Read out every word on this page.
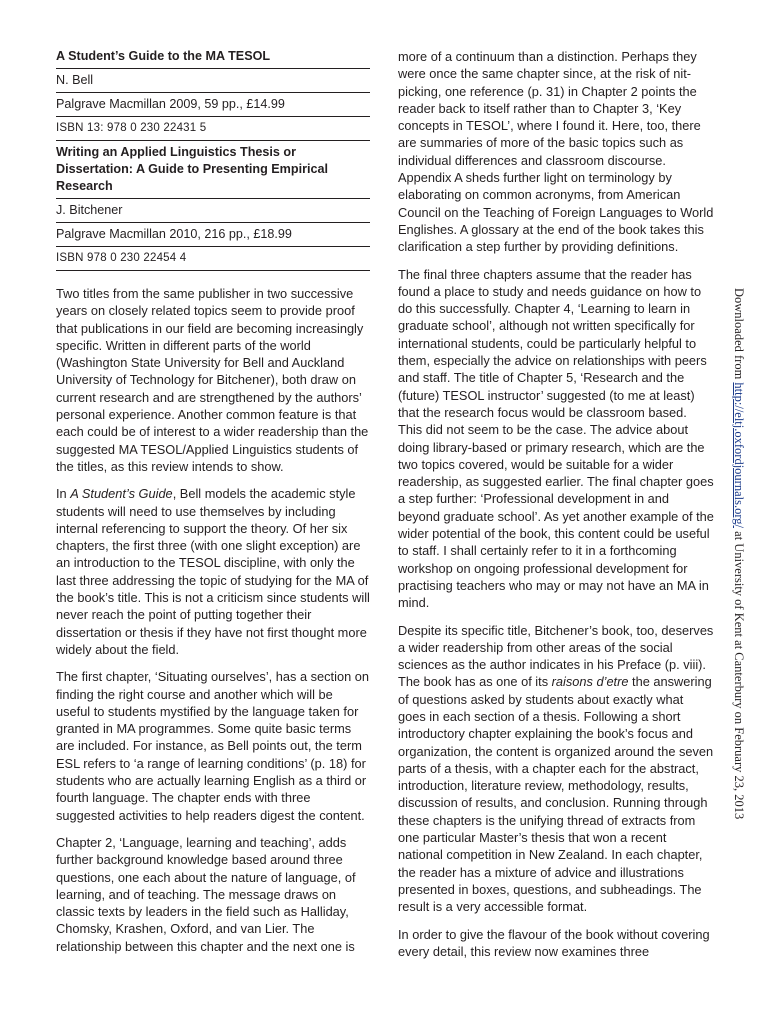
A Student’s Guide to the MA TESOL
N. Bell
Palgrave Macmillan 2009, 59 pp., £14.99
ISBN 13: 978 0 230 22431 5
Writing an Applied Linguistics Thesis or Dissertation: A Guide to Presenting Empirical Research
J. Bitchener
Palgrave Macmillan 2010, 216 pp., £18.99
ISBN 978 0 230 22454 4

Two titles from the same publisher in two successive years on closely related topics seem to provide proof that publications in our field are becoming increasingly specific. Written in different parts of the world (Washington State University for Bell and Auckland University of Technology for Bitchener), both draw on current research and are strengthened by the authors’ personal experience. Another common feature is that each could be of interest to a wider readership than the suggested MA TESOL/Applied Linguistics students of the titles, as this review intends to show.

In A Student’s Guide, Bell models the academic style students will need to use themselves by including internal referencing to support the theory. Of her six chapters, the first three (with one slight exception) are an introduction to the TESOL discipline, with only the last three addressing the topic of studying for the MA of the book’s title. This is not a criticism since students will never reach the point of putting together their dissertation or thesis if they have not first thought more widely about the field.

The first chapter, ‘Situating ourselves’, has a section on finding the right course and another which will be useful to students mystified by the language taken for granted in MA programmes. Some quite basic terms are included. For instance, as Bell points out, the term ESL refers to ‘a range of learning conditions’ (p. 18) for students who are actually learning English as a third or fourth language. The chapter ends with three suggested activities to help readers digest the content.

Chapter 2, ‘Language, learning and teaching’, adds further background knowledge based around three questions, one each about the nature of language, of learning, and of teaching. The message draws on classic texts by leaders in the field such as Halliday, Chomsky, Krashen, Oxford, and van Lier. The relationship between this chapter and the next one is

more of a continuum than a distinction. Perhaps they were once the same chapter since, at the risk of nit-picking, one reference (p. 31) in Chapter 2 points the reader back to itself rather than to Chapter 3, ‘Key concepts in TESOL’, where I found it. Here, too, there are summaries of more of the basic topics such as individual differences and classroom discourse. Appendix A sheds further light on terminology by elaborating on common acronyms, from American Council on the Teaching of Foreign Languages to World Englishes. A glossary at the end of the book takes this clarification a step further by providing definitions.

The final three chapters assume that the reader has found a place to study and needs guidance on how to do this successfully. Chapter 4, ‘Learning to learn in graduate school’, although not written specifically for international students, could be particularly helpful to them, especially the advice on relationships with peers and staff. The title of Chapter 5, ‘Research and the (future) TESOL instructor’ suggested (to me at least) that the research focus would be classroom based. This did not seem to be the case. The advice about doing library-based or primary research, which are the two topics covered, would be suitable for a wider readership, as suggested earlier. The final chapter goes a step further: ‘Professional development in and beyond graduate school’. As yet another example of the wider potential of the book, this content could be useful to staff. I shall certainly refer to it in a forthcoming workshop on ongoing professional development for practising teachers who may or may not have an MA in mind.

Despite its specific title, Bitchener’s book, too, deserves a wider readership from other areas of the social sciences as the author indicates in his Preface (p. viii). The book has as one of its raisons d’etre the answering of questions asked by students about exactly what goes in each section of a thesis. Following a short introductory chapter explaining the book’s focus and organization, the content is organized around the seven parts of a thesis, with a chapter each for the abstract, introduction, literature review, methodology, results, discussion of results, and conclusion. Running through these chapters is the unifying thread of extracts from one particular Master’s thesis that won a recent national competition in New Zealand. In each chapter, the reader has a mixture of advice and illustrations presented in boxes, questions, and subheadings. The result is a very accessible format.

In order to give the flavour of the book without covering every detail, this review now examines three

Downloaded from http://eltj.oxfordjournals.org/ at University of Kent at Canterbury on February 23, 2013
